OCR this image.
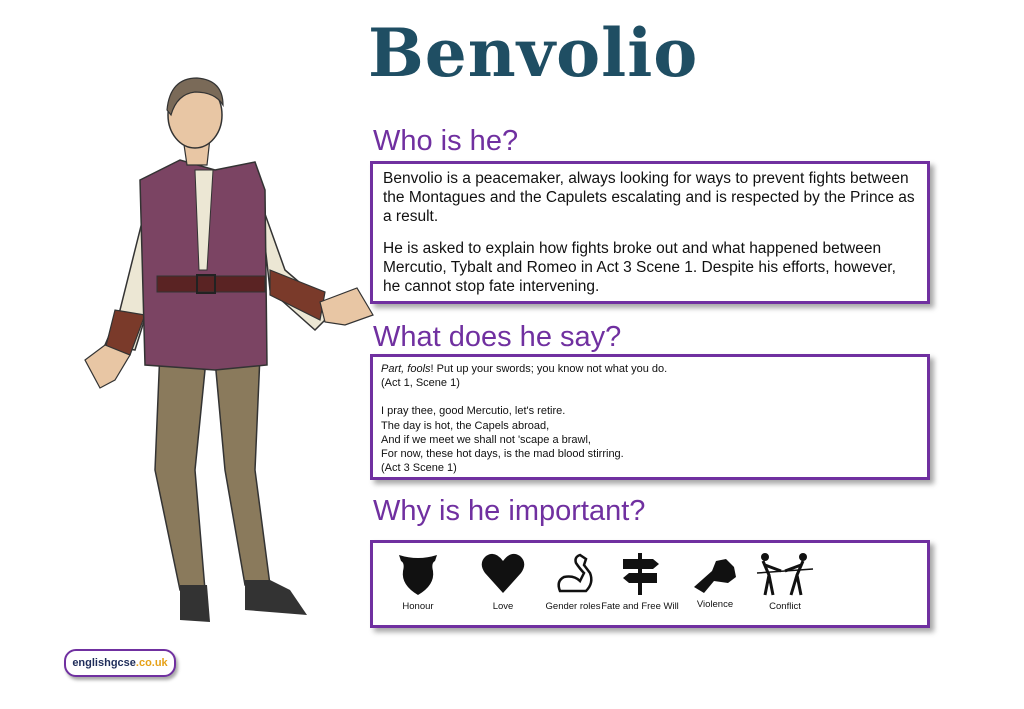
Benvolio
Who is he?

Benvolio is a peacemaker, always looking for ways to prevent fights between the Montagues and the Capulets escalating and is respected by the Prince as a result.

He is asked to explain how fights broke out and what happened between Mercutio, Tybalt and Romeo in Act 3 Scene 1. Despite his efforts, however, he cannot stop fate intervening.

What does he say?

Part, fools! Put up your swords; you know not what you do.

(Act 1, Scene 1)

I pray thee, good Mercutio, let's retire.

The day is hot, the Capels abroad,

And if we meet we shall not 'scape a brawl,

For now, these hot days, is the mad blood stirring.

(Act 3 Scene 1)

Why is he important?
Honour	Love	Gender roles Fate and Free Will	Violence	Conflict
englishgcse.co.uk
